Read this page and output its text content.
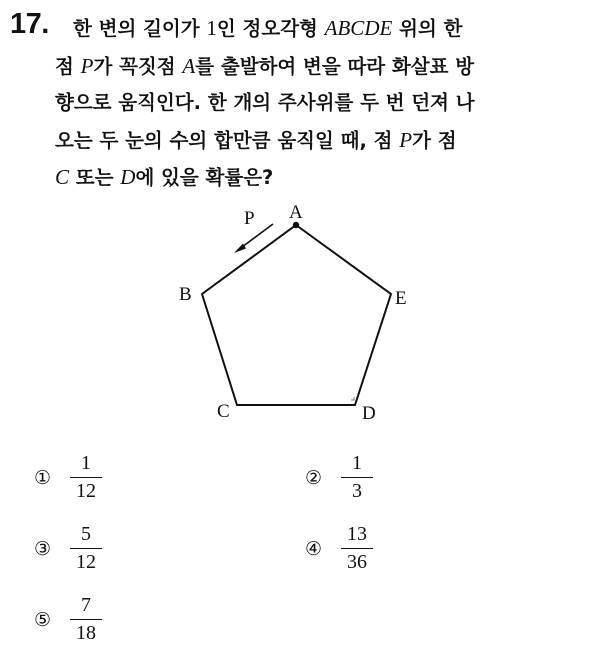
17. 한 변의 길이가 1인 정오각형 ABCDE 위의 한
점 P가 꼭짓점 A를 출발하여 변을 따라 화살표 방
향으로 움직인다. 한 개의 주사위를 두 번 던져 나
오는 두 눈의 수의 합만큼 움직일 때, 점 P가 점
C 또는 D에 있을 확률은?
A
P
B	E
C	D
①	$\frac{1}{12}$	②	$\frac{1}{3}$
③	$\frac{5}{12}$	④	$\frac{13}{36}$
⑤	$\frac{7}{18}$
